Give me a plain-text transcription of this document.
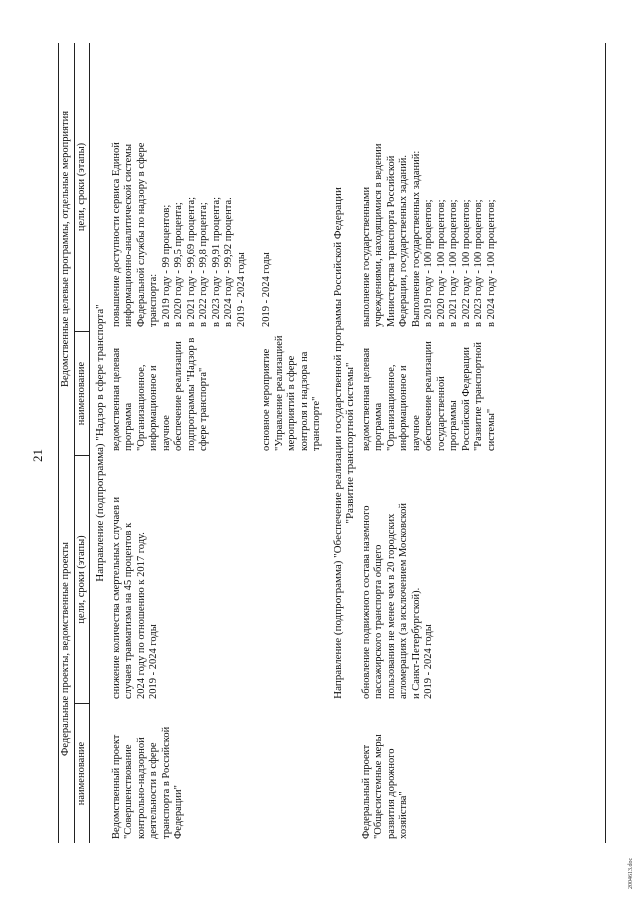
21
Федеральные проекты, ведомственные проекты
Ведомственные целевые программы, отдельные мероприятия
наименование
цели, сроки (этапы)
наименование
цели, сроки (этапы)
Направление (подпрограмма) "Надзор в сфере транспорта"
Ведомственный проект
"Совершенствование
контрольно-надзорной
деятельности в сфере
транспорта в Российской
Федерации"
снижение количества смертельных случаев и
случаев травматизма на 45 процентов к
2024 году по отношению к 2017 году.
2019 - 2024 годы
ведомственная целевая
программа
"Организационное,
информационное и научное
обеспечение реализации
подпрограммы "Надзор в
сфере транспорта"
повышение доступности сервиса Единой
информационно-аналитической системы
Федеральной службы по надзору в сфере
транспорта:
в 2019 году - 99 процентов;
в 2020 году - 99,5 процента;
в 2021 году - 99,69 процента;
в 2022 году - 99,8 процента;
в 2023 году - 99,91 процента;
в 2024 году - 99,92 процента.
2019 - 2024 годы
основное мероприятие
"Управление реализацией
мероприятий в сфере
контроля и надзора на
транспорте"
2019 - 2024 годы	Направление (подпрограмма) "Обеспечение реализации государственной программы Российской Федерации "Развитие транспортной системы"
Федеральный проект
"Общесистемные меры
развития дорожного
хозяйства"
обновление подвижного состава наземного
пассажирского транспорта общего
пользования не менее чем в 20 городских
агломерациях (за исключением Московской
и Санкт-Петербургской).
2019 - 2024 годы
ведомственная целевая
программа
"Организационное,
информационное и научное
обеспечение реализации
государственной программы
Российской Федерации
"Развитие транспортной
системы"
выполнение государственными
учреждениями, находящимися в ведении
Министерства транспорта Российской
Федерации, государственных заданий.
Выполнение государственных заданий:
в 2019 году - 100 процентов;
в 2020 году - 100 процентов;
в 2021 году - 100 процентов;
в 2022 году - 100 процентов;
в 2023 году - 100 процентов;
в 2024 году - 100 процентов;
2004613.doc
